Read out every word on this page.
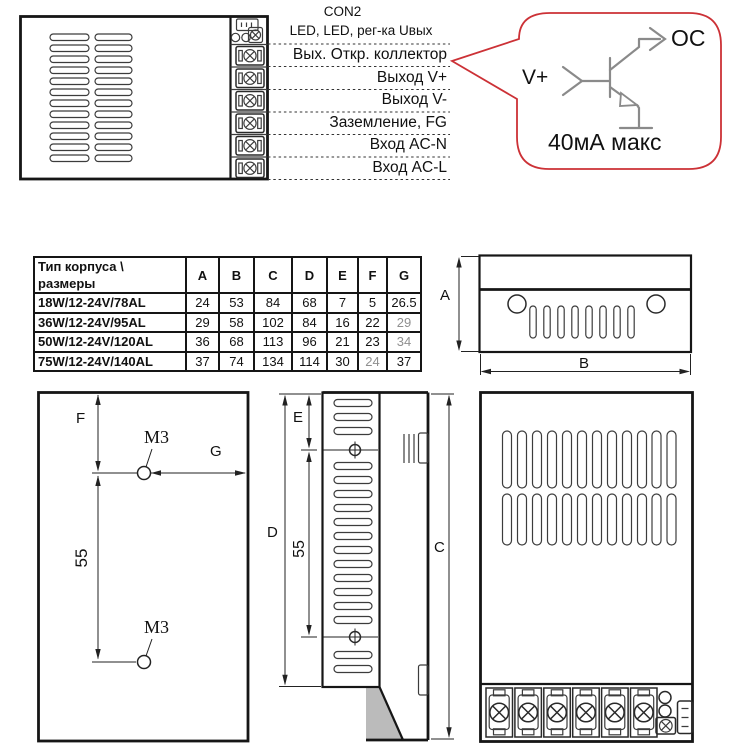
CON2
LED, LED, рег-ка Uвых
Вых. Откр. коллектор
Выход V+
Выход V-
Заземление, FG
Вход AC-N
Вход AC-L
V+
OC
40мА макс
A
B
F
G
55
M3
M3
D
E
55	C
Тип корпуса \ размеры	A	B	C	D	E	F	G
18W/12-24V/78AL	24	53	84	68	7	5	26.5
36W/12-24V/95AL	29	58	102	84	16	22	29
50W/12-24V/120AL	36	68	113	96	21	23	34
75W/12-24V/140AL	37	74	134	114	30	24	37
